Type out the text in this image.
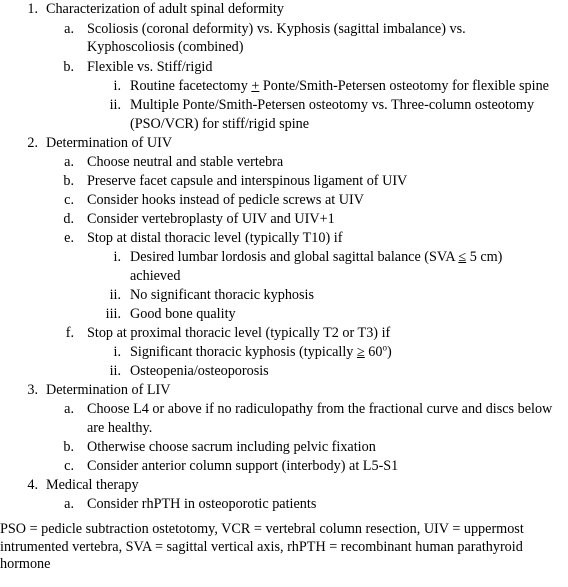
1. Characterization of adult spinal deformity
a. Scoliosis (coronal deformity) vs. Kyphosis (sagittal imbalance) vs.
Kyphoscoliosis (combined)
b. Flexible vs. Stiff/rigid
i. Routine facetectomy + Ponte/Smith-Petersen osteotomy for flexible spine
ii. Multiple Ponte/Smith-Petersen osteotomy vs. Three-column osteotomy
(PSO/VCR) for stiff/rigid spine
2. Determination of UIV
a. Choose neutral and stable vertebra
b. Preserve facet capsule and interspinous ligament of UIV
c. Consider hooks instead of pedicle screws at UIV
d. Consider vertebroplasty of UIV and UIV+1
e. Stop at distal thoracic level (typically T10) if
i. Desired lumbar lordosis and global sagittal balance (SVA ≤ 5 cm)
achieved
ii. No significant thoracic kyphosis
iii. Good bone quality
f. Stop at proximal thoracic level (typically T2 or T3) if
i. Significant thoracic kyphosis (typically ≥ $60^o$)
ii. Osteopenia/osteoporosis
3. Determination of LIV
a. Choose L4 or above if no radiculopathy from the fractional curve and discs below
are healthy.
b. Otherwise choose sacrum including pelvic fixation
c. Consider anterior column support (interbody) at L5-S1
4. Medical therapy
a. Consider rhPTH in osteoporotic patients
PSO = pedicle subtraction ostetotomy, VCR = vertebral column resection, UIV = uppermost intrumented vertebra, SVA = sagittal vertical axis, rhPTH = recombinant human parathyroid hormone
